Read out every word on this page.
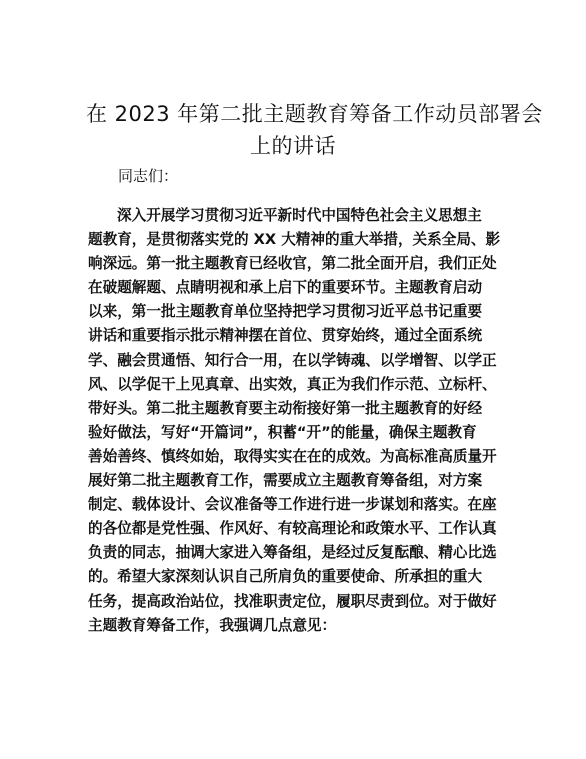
在 2023 年第二批主题教育筹备工作动员部署会
上的讲话

同志们：

深入开展学习贯彻习近平新时代中国特色社会主义思想主
题教育，是贯彻落实党的 XX 大精神的重大举措，关系全局、影
响深远。第一批主题教育已经收官，第二批全面开启，我们正处
在破题解题、点睛明视和承上启下的重要环节。主题教育启动
以来，第一批主题教育单位坚持把学习贯彻习近平总书记重要
讲话和重要指示批示精神摆在首位、贯穿始终，通过全面系统
学、融会贯通悟、知行合一用，在以学铸魂、以学增智、以学正
风、以学促干上见真章、出实效，真正为我们作示范、立标杆、
带好头。第二批主题教育要主动衔接好第一批主题教育的好经
验好做法，写好“开篇词”，积蓄“开”的能量，确保主题教育
善始善终、慎终如始，取得实实在在的成效。为高标准高质量开
展好第二批主题教育工作，需要成立主题教育筹备组，对方案
制定、载体设计、会议准备等工作进行进一步谋划和落实。在座
的各位都是党性强、作风好、有较高理论和政策水平、工作认真
负责的同志，抽调大家进入筹备组，是经过反复酝酿、精心比选
的。希望大家深刻认识自己所肩负的重要使命、所承担的重大
任务，提高政治站位，找准职责定位，履职尽责到位。对于做好
主题教育筹备工作，我强调几点意见：
